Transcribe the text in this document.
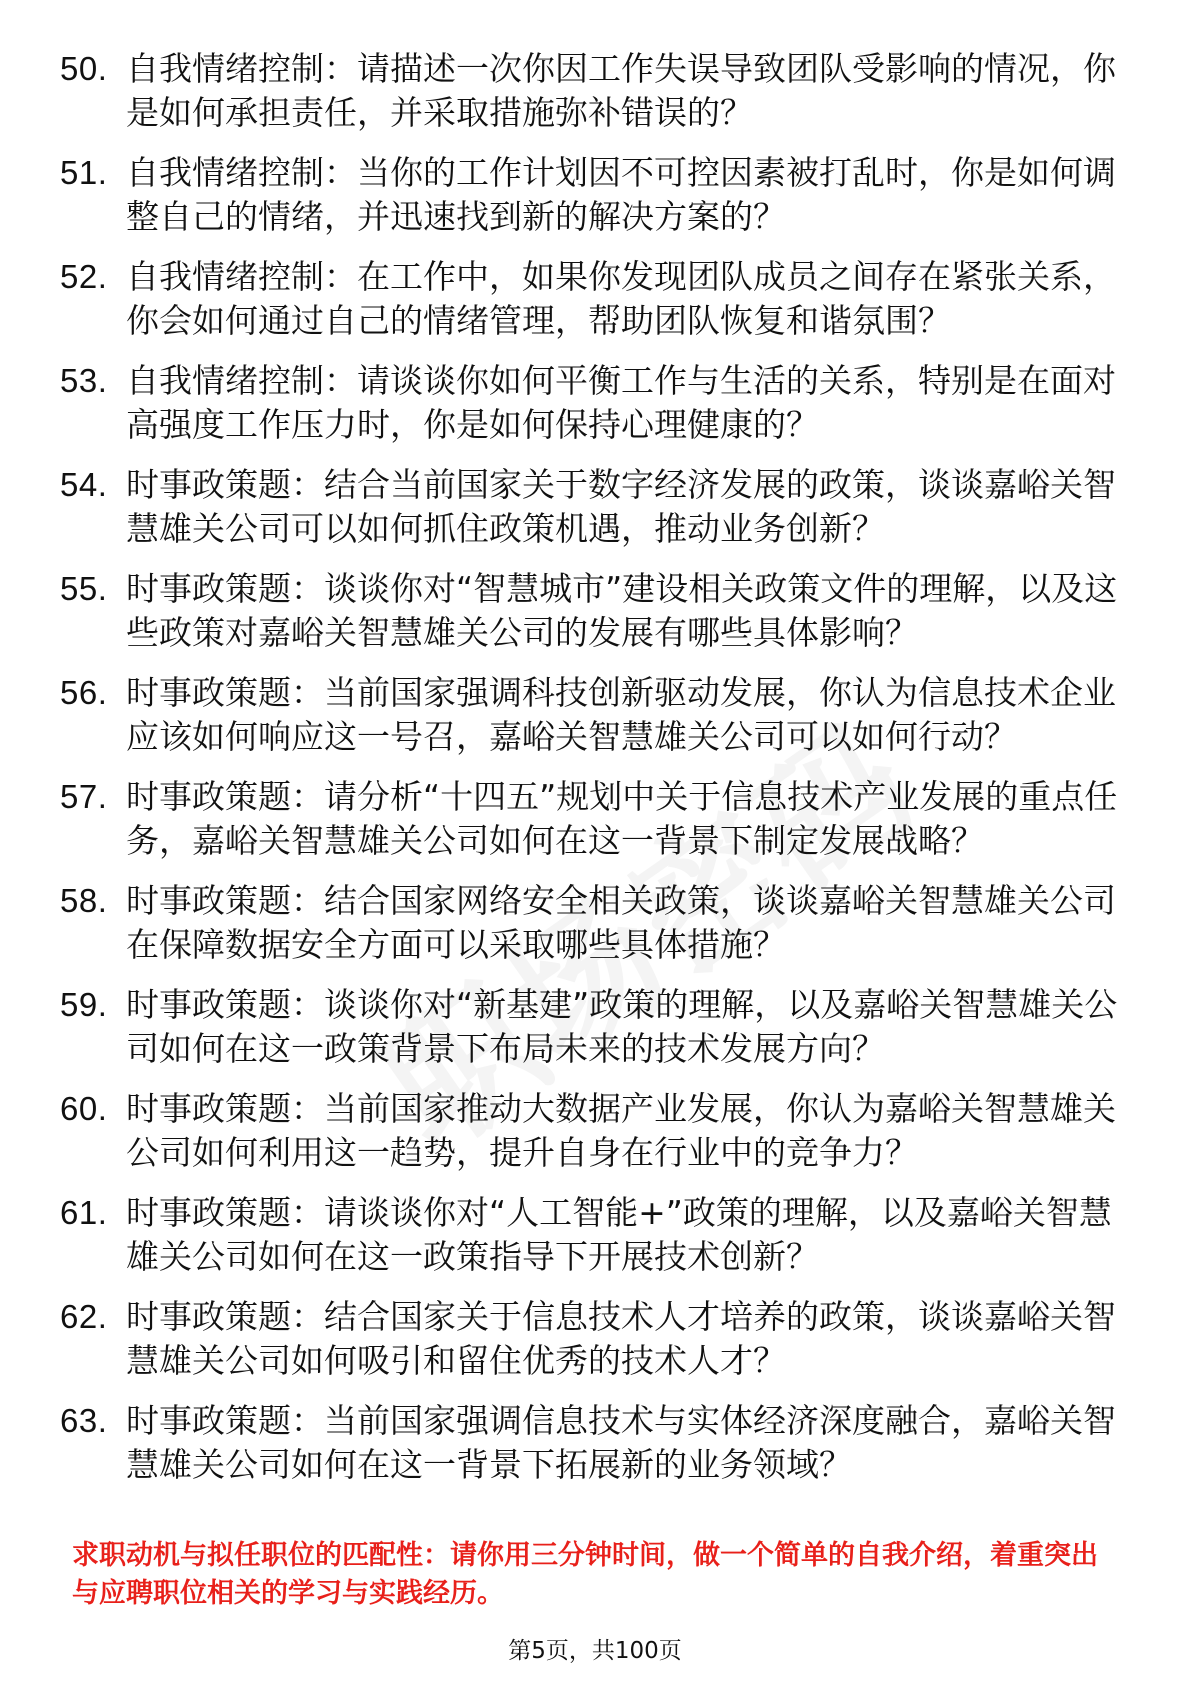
50. 自我情绪控制：请描述一次你因工作失误导致团队受影响的情况，你是如何承担责任，并采取措施弥补错误的？
51. 自我情绪控制：当你的工作计划因不可控因素被打乱时，你是如何调整自己的情绪，并迅速找到新的解决方案的？
52. 自我情绪控制：在工作中，如果你发现团队成员之间存在紧张关系，你会如何通过自己的情绪管理，帮助团队恢复和谐氛围？
53. 自我情绪控制：请谈谈你如何平衡工作与生活的关系，特别是在面对高强度工作压力时，你是如何保持心理健康的？
54. 时事政策题：结合当前国家关于数字经济发展的政策，谈谈嘉峪关智慧雄关公司可以如何抓住政策机遇，推动业务创新？
55. 时事政策题：谈谈你对“智慧城市”建设相关政策文件的理解，以及这些政策对嘉峪关智慧雄关公司的发展有哪些具体影响？
56. 时事政策题：当前国家强调科技创新驱动发展，你认为信息技术企业应该如何响应这一号召，嘉峪关智慧雄关公司可以如何行动？
57. 时事政策题：请分析“十四五”规划中关于信息技术产业发展的重点任务，嘉峪关智慧雄关公司如何在这一背景下制定发展战略？
58. 时事政策题：结合国家网络安全相关政策，谈谈嘉峪关智慧雄关公司在保障数据安全方面可以采取哪些具体措施？
59. 时事政策题：谈谈你对“新基建”政策的理解，以及嘉峪关智慧雄关公司如何在这一政策背景下布局未来的技术发展方向？
60. 时事政策题：当前国家推动大数据产业发展，你认为嘉峪关智慧雄关公司如何利用这一趋势，提升自身在行业中的竞争力？
61. 时事政策题：请谈谈你对“人工智能+”政策的理解，以及嘉峪关智慧雄关公司如何在这一政策指导下开展技术创新？
62. 时事政策题：结合国家关于信息技术人才培养的政策，谈谈嘉峪关智慧雄关公司如何吸引和留住优秀的技术人才？
63. 时事政策题：当前国家强调信息技术与实体经济深度融合，嘉峪关智慧雄关公司如何在这一背景下拓展新的业务领域？
求职动机与拟任职位的匹配性：请你用三分钟时间，做一个简单的自我介绍，着重突出与应聘职位相关的学习与实践经历。
第5页，共100页
